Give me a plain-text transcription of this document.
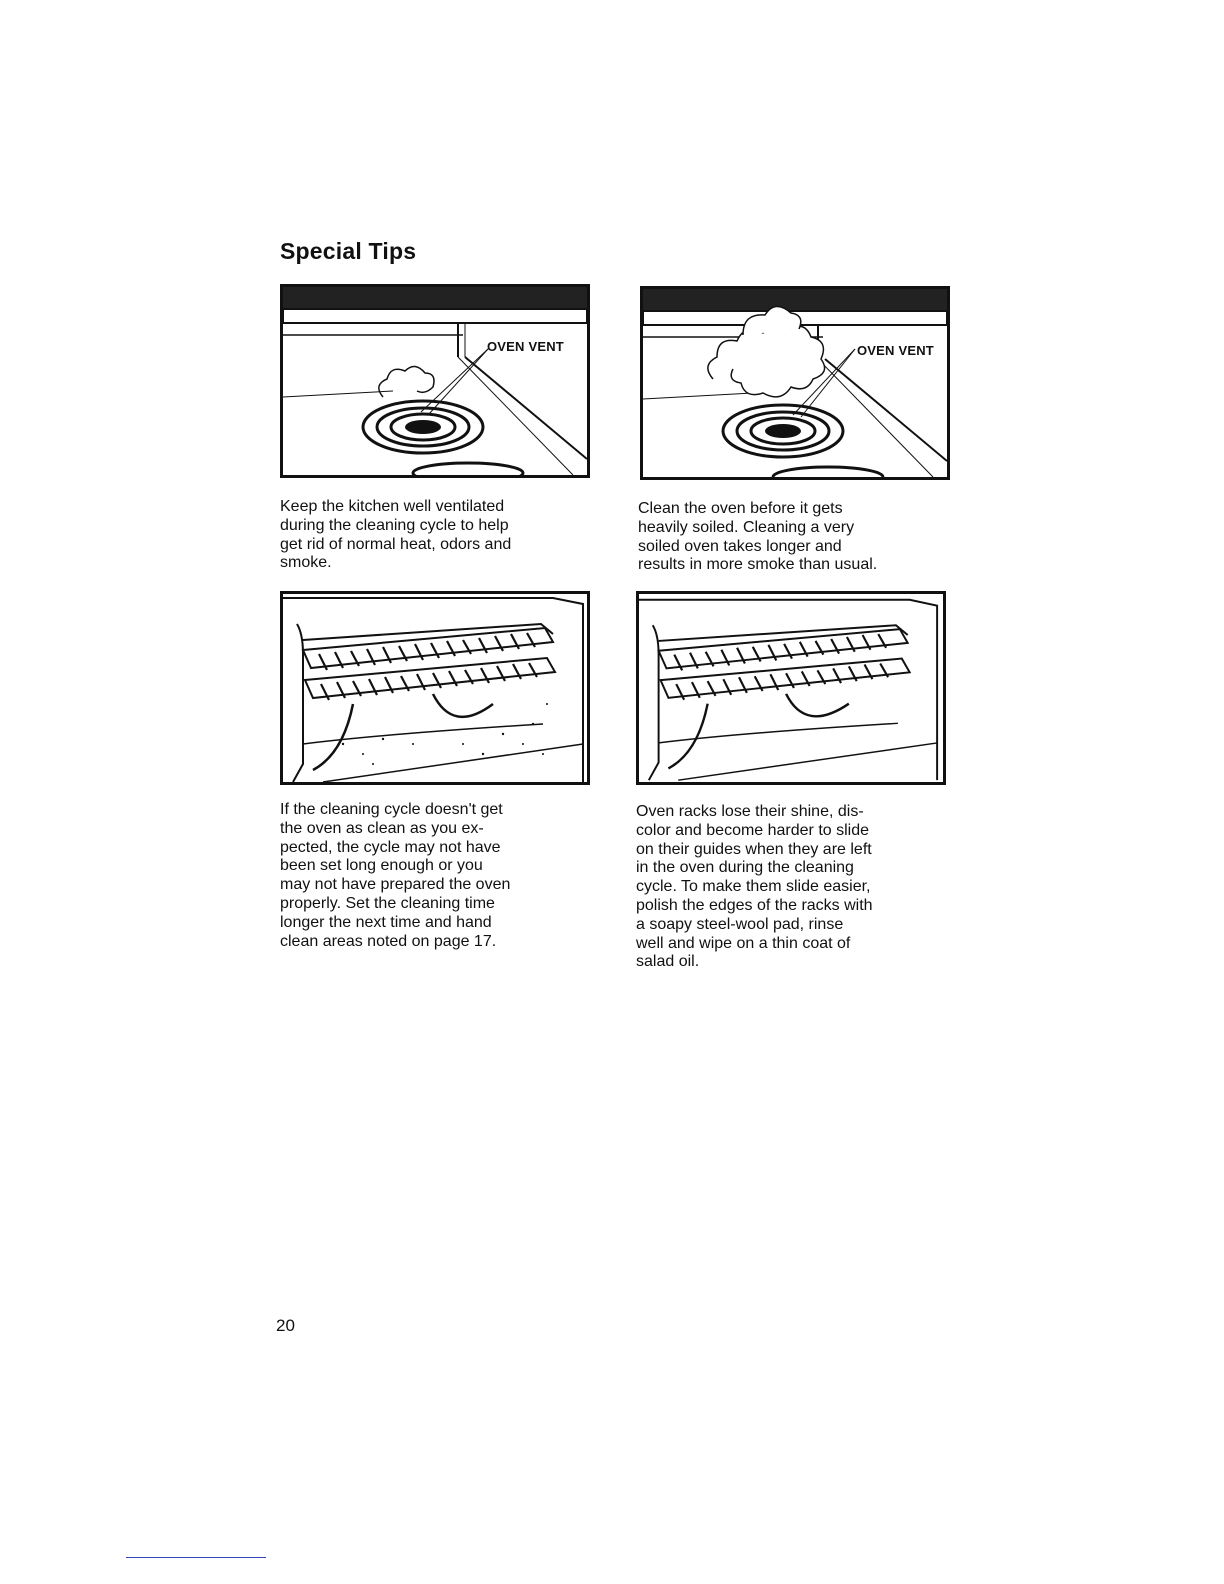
Special Tips
OVEN VENT	OVEN VENT

Keep the kitchen well ventilated
during the cleaning cycle to help
get rid of normal heat, odors and
smoke.

Clean the oven before it gets
heavily soiled. Cleaning a very
soiled oven takes longer and
results in more smoke than usual.

If the cleaning cycle doesn't get
the oven as clean as you ex-
pected, the cycle may not have
been set long enough or you
may not have prepared the oven
properly. Set the cleaning time
longer the next time and hand
clean areas noted on page 17.

Oven racks lose their shine, dis-
color and become harder to slide
on their guides when they are left
in the oven during the cleaning
cycle. To make them slide easier,
polish the edges of the racks with
a soapy steel-wool pad, rinse
well and wipe on a thin coat of
salad oil.

20
